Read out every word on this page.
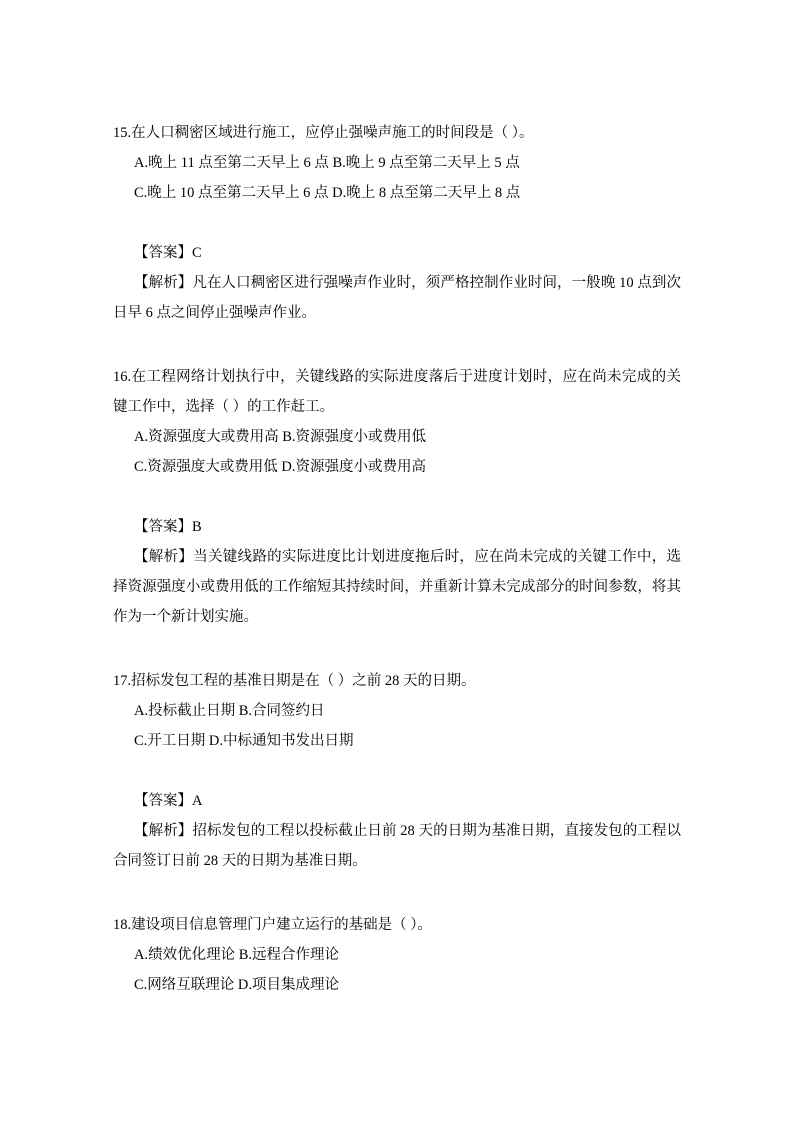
15.在人口稠密区域进行施工，应停止强噪声施工的时间段是（ ）。

A.晚上 11 点至第二天早上 6 点 B.晚上 9 点至第二天早上 5 点

C.晚上 10 点至第二天早上 6 点 D.晚上 8 点至第二天早上 8 点

【答案】C

【解析】凡在人口稠密区进行强噪声作业时，须严格控制作业时间，一般晚 10 点到次日早 6 点之间停止强噪声作业。

16.在工程网络计划执行中，关键线路的实际进度落后于进度计划时，应在尚未完成的关键工作中，选择（ ）的工作赶工。

A.资源强度大或费用高 B.资源强度小或费用低

C.资源强度大或费用低 D.资源强度小或费用高

【答案】B

【解析】当关键线路的实际进度比计划进度拖后时，应在尚未完成的关键工作中，选择资源强度小或费用低的工作缩短其持续时间，并重新计算未完成部分的时间参数，将其作为一个新计划实施。

17.招标发包工程的基准日期是在（ ）之前 28 天的日期。

A.投标截止日期 B.合同签约日

C.开工日期 D.中标通知书发出日期

【答案】A

【解析】招标发包的工程以投标截止日前 28 天的日期为基准日期，直接发包的工程以合同签订日前 28 天的日期为基准日期。

18.建设项目信息管理门户建立运行的基础是（ ）。

A.绩效优化理论 B.远程合作理论

C.网络互联理论 D.项目集成理论
